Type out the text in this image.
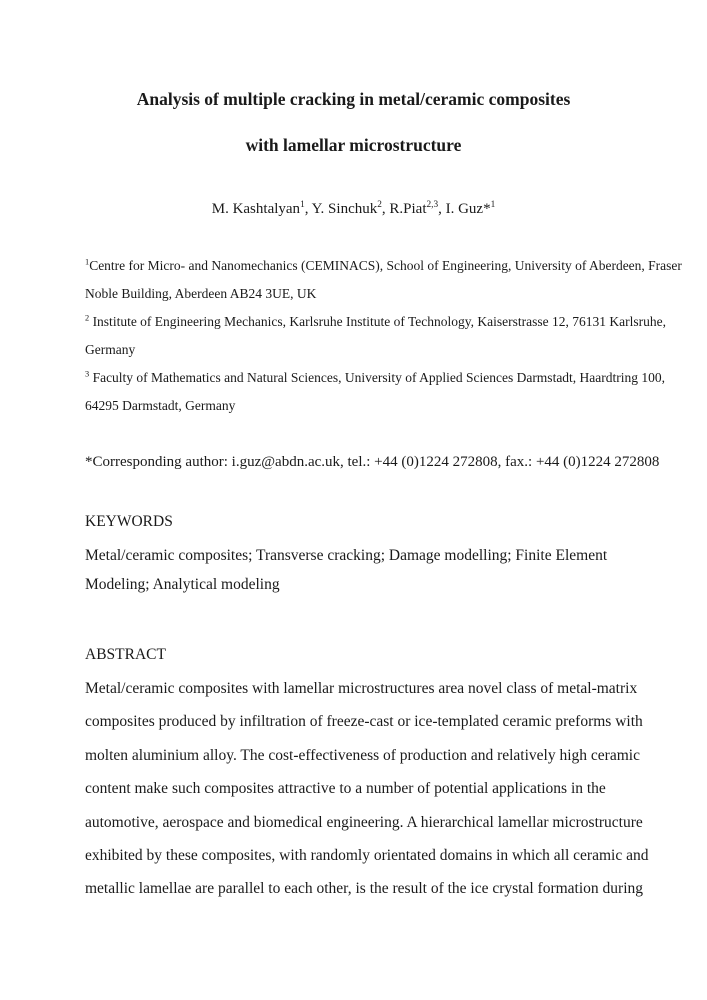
Analysis of multiple cracking in metal/ceramic composites
with lamellar microstructure
M. Kashtalyan$^1$, Y. Sinchuk$^2$, R.Piat$^{2,3}$, I. Guz*$^1$
$^1$Centre for Micro- and Nanomechanics (CEMINACS), School of Engineering, University of Aberdeen, Fraser
Noble Building, Aberdeen AB24 3UE, UK
$^2$ Institute of Engineering Mechanics, Karlsruhe Institute of Technology, Kaiserstrasse 12, 76131 Karlsruhe,
Germany
$^3$ Faculty of Mathematics and Natural Sciences, University of Applied Sciences Darmstadt, Haardtring 100,
64295 Darmstadt, Germany
*Corresponding author: i.guz@abdn.ac.uk, tel.: +44 (0)1224 272808, fax.: +44 (0)1224 272808
KEYWORDS
Metal/ceramic composites; Transverse cracking; Damage modelling; Finite Element
Modeling; Analytical modeling
ABSTRACT
Metal/ceramic composites with lamellar microstructures area novel class of metal-matrix
composites produced by infiltration of freeze-cast or ice-templated ceramic preforms with
molten aluminium alloy. The cost-effectiveness of production and relatively high ceramic
content make such composites attractive to a number of potential applications in the
automotive, aerospace and biomedical engineering. A hierarchical lamellar microstructure
exhibited by these composites, with randomly orientated domains in which all ceramic and
metallic lamellae are parallel to each other, is the result of the ice crystal formation during
